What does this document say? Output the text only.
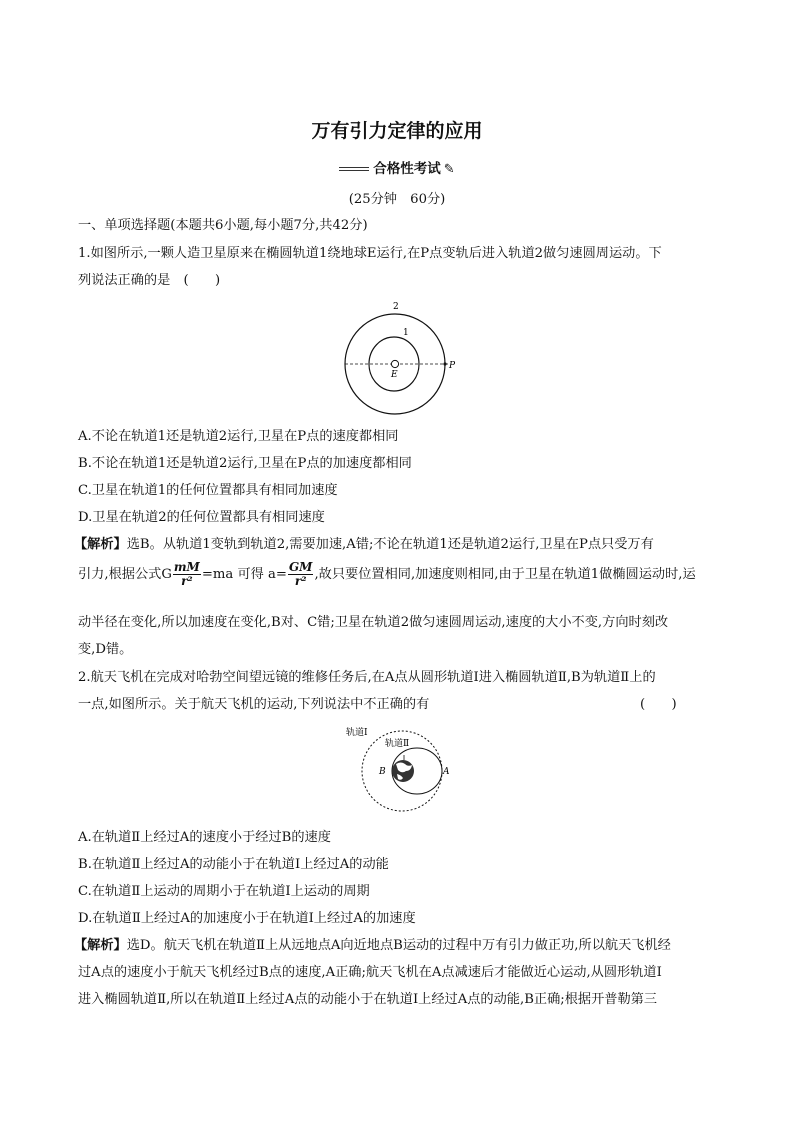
万有引力定律的应用
合格性考试 ✎
(25分钟　60分)
一、单项选择题(本题共6小题,每小题7分,共42分)
1.如图所示,一颗人造卫星原来在椭圆轨道1绕地球E运行,在P点变轨后进入轨道2做匀速圆周运动。下
列说法正确的是　(　　)
2
1
E
P
A.不论在轨道1还是轨道2运行,卫星在P点的速度都相同
B.不论在轨道1还是轨道2运行,卫星在P点的加速度都相同
C.卫星在轨道1的任何位置都具有相同加速度
D.卫星在轨道2的任何位置都具有相同速度
【解析】选B。从轨道1变轨到轨道2,需要加速,A错;不论在轨道1还是轨道2运行,卫星在P点只受万有
引力,根据公式G $\frac{mM}{\text{r²}} =ma$ 可得 $a= \frac{GM}{\text{r²}}$ ,故只要位置相同,加速度则相同,由于卫星在轨道1做椭圆运动时,运
动半径在变化,所以加速度在变化,B对、C错;卫星在轨道2做匀速圆周运动,速度的大小不变,方向时刻改
变,D错。
2.航天飞机在完成对哈勃空间望远镜的维修任务后,在A点从圆形轨道Ⅰ进入椭圆轨道Ⅱ,B为轨道Ⅱ上的
一点,如图所示。关于航天飞机的运动,下列说法中不正确的有	(　　)
轨道Ⅰ
轨道Ⅱ
B	A
A.在轨道Ⅱ上经过A的速度小于经过B的速度
B.在轨道Ⅱ上经过A的动能小于在轨道Ⅰ上经过A的动能
C.在轨道Ⅱ上运动的周期小于在轨道Ⅰ上运动的周期
D.在轨道Ⅱ上经过A的加速度小于在轨道Ⅰ上经过A的加速度
【解析】选D。航天飞机在轨道Ⅱ上从远地点A向近地点B运动的过程中万有引力做正功,所以航天飞机经
过A点的速度小于航天飞机经过B点的速度,A正确;航天飞机在A点减速后才能做近心运动,从圆形轨道Ⅰ
进入椭圆轨道Ⅱ,所以在轨道Ⅱ上经过A点的动能小于在轨道Ⅰ上经过A点的动能,B正确;根据开普勒第三
